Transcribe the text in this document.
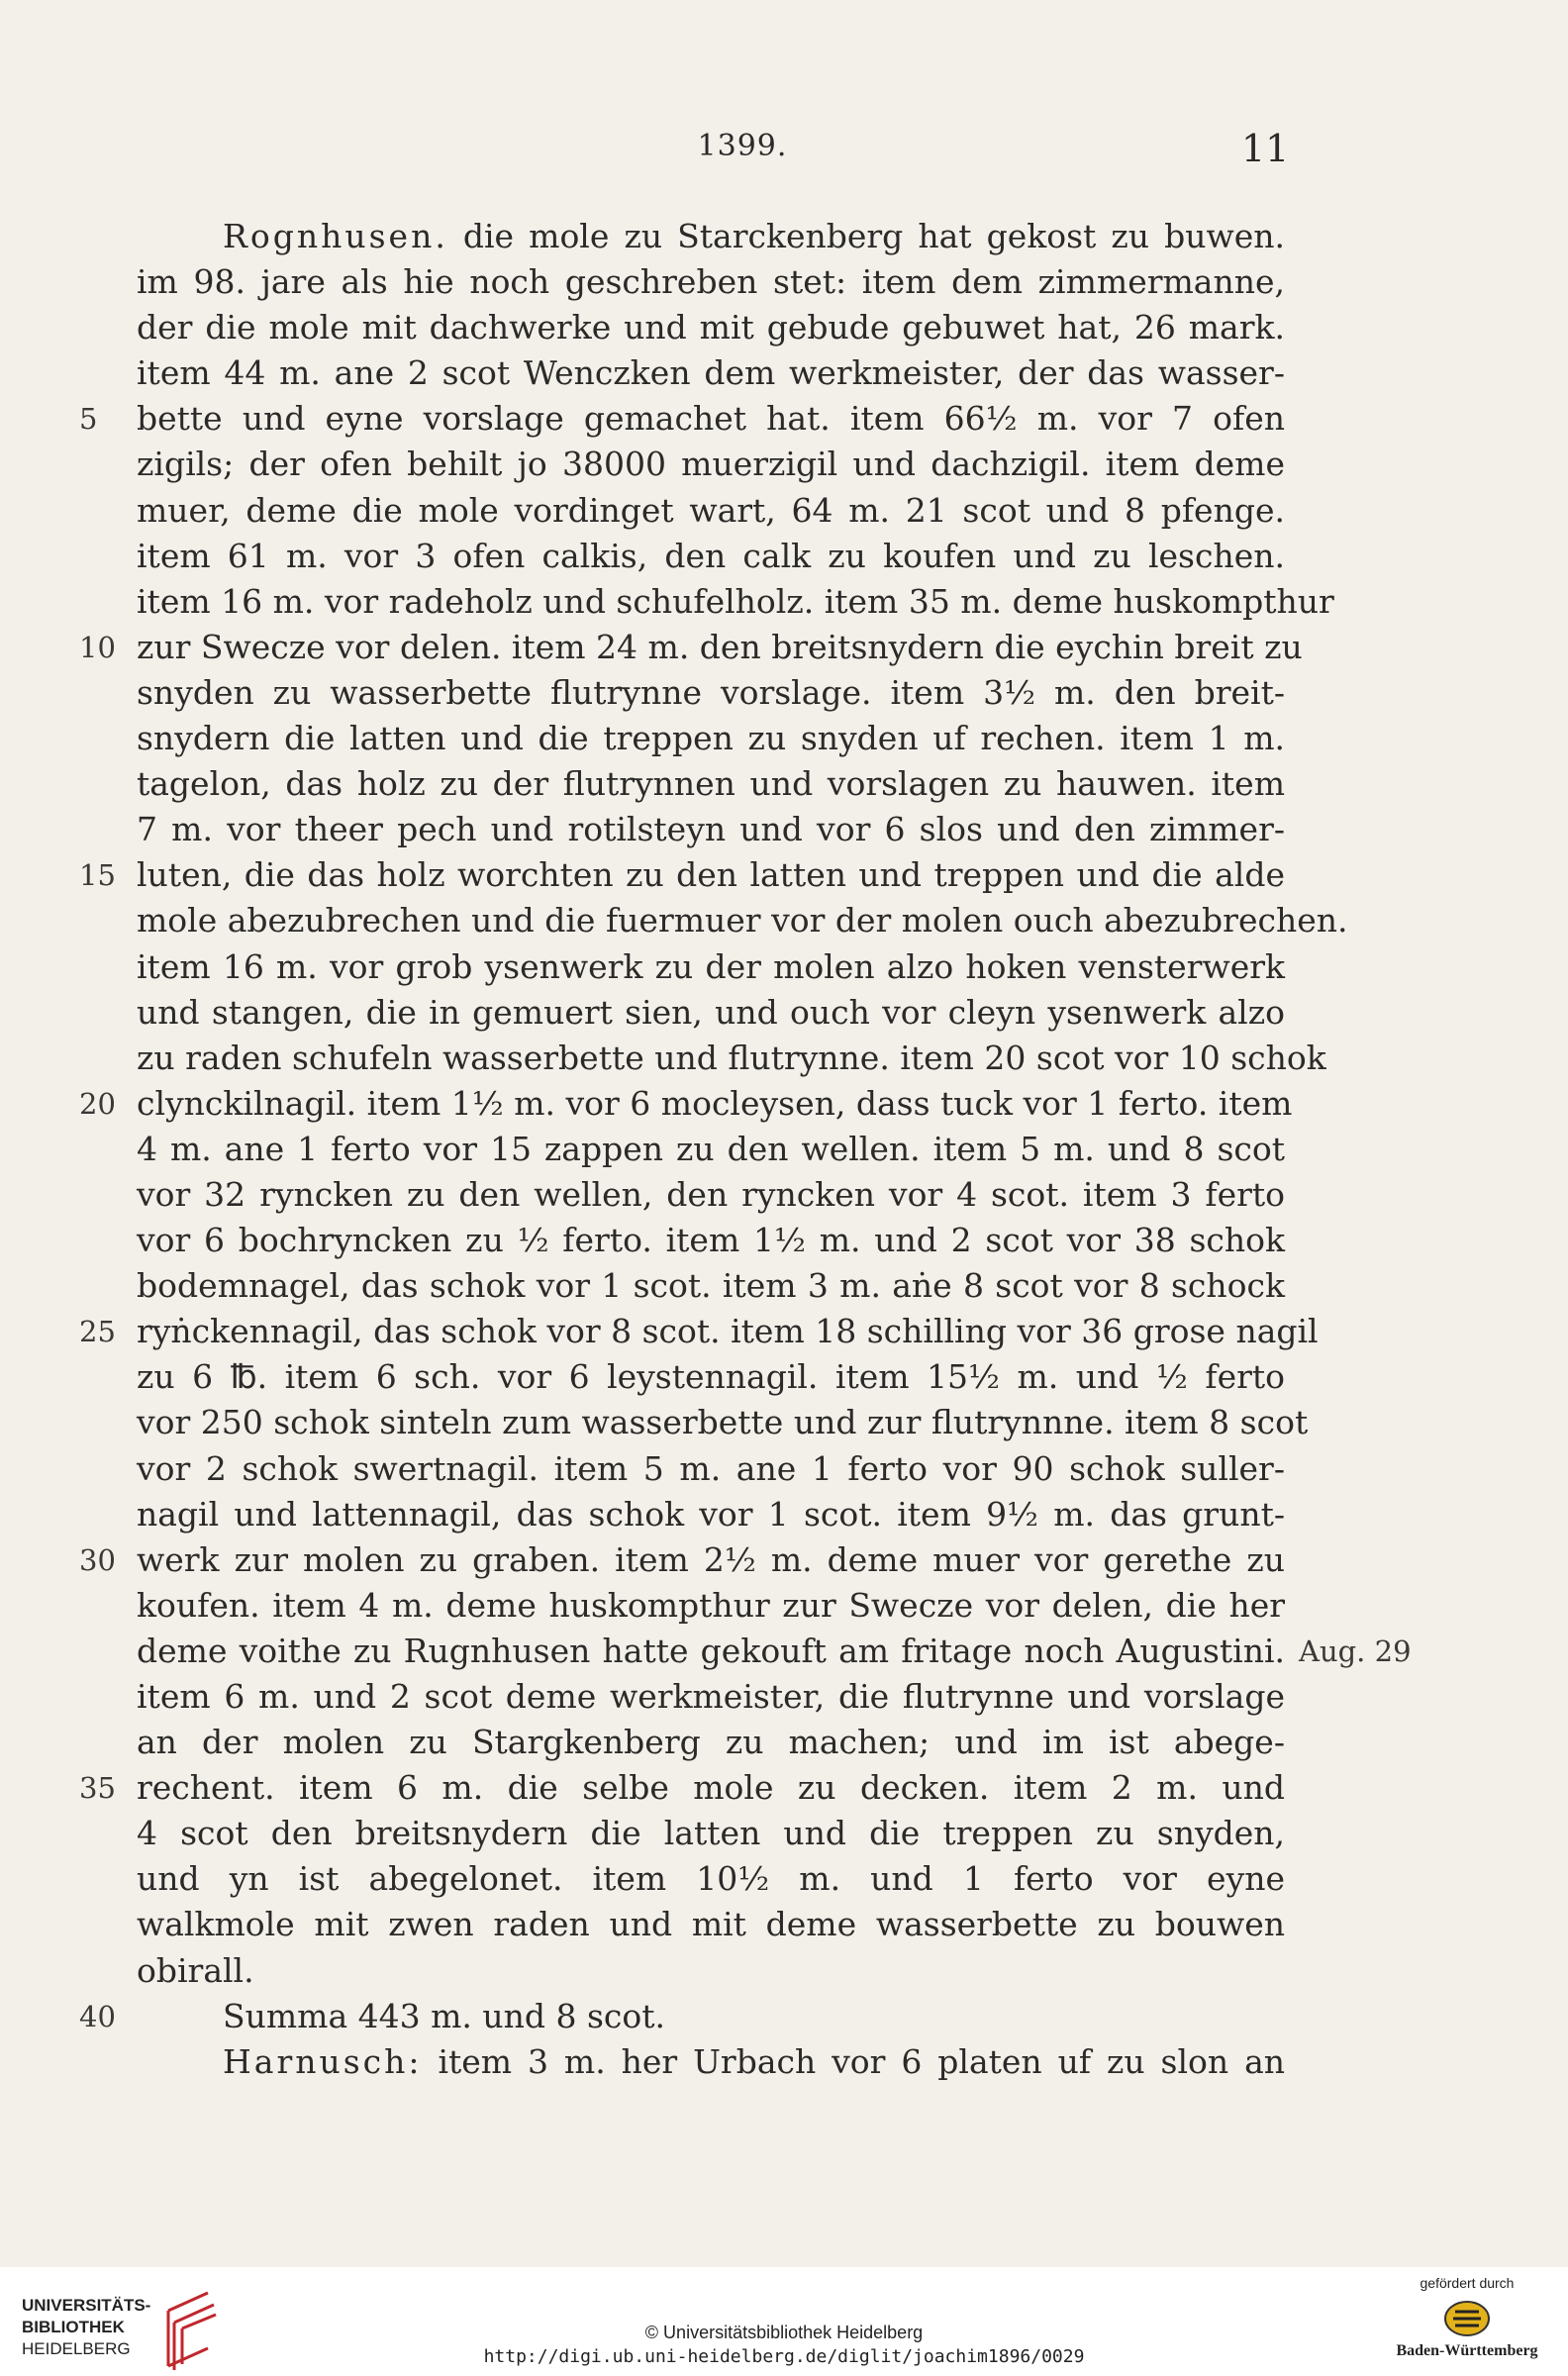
1399.	11
Rognhusen. die mole zu Starckenberg hat gekost zu buwen.
im 98. jare als hie noch geschreben stet: item dem zimmermanne,
der die mole mit dachwerke und mit gebude gebuwet hat, 26 mark.
item 44 m. ane 2 scot Wenczken dem werkmeister, der das wasser-
5	bette und eyne vorslage gemachet hat. item 66½ m. vor 7 ofen
zigils; der ofen behilt jo 38000 muerzigil und dachzigil. item deme
muer, deme die mole vordinget wart, 64 m. 21 scot und 8 pfenge.
item 61 m. vor 3 ofen calkis, den calk zu koufen und zu leschen.
item 16 m. vor radeholz und schufelholz. item 35 m. deme huskompthur
10 zur Swecze vor delen. item 24 m. den breitsnydern die eychin breit zu
snyden zu wasserbette flutrynne vorslage. item 3½ m. den breit-
snydern die latten und die treppen zu snyden uf rechen. item 1 m.
tagelon, das holz zu der flutrynnen und vorslagen zu hauwen. item
7 m. vor theer pech und rotilsteyn und vor 6 slos und den zimmer-
15 luten, die das holz worchten zu den latten und treppen und die alde
mole abezubrechen und die fuermuer vor der molen ouch abezubrechen.
item 16 m. vor grob ysenwerk zu der molen alzo hoken vensterwerk
und stangen, die in gemuert sien, und ouch vor cleyn ysenwerk alzo
zu raden schufeln wasserbette und flutrynne. item 20 scot vor 10 schok
20 clynckilnagil. item 1½ m. vor 6 mocleysen, dass tuck vor 1 ferto. item
4 m. ane 1 ferto vor 15 zappen zu den wellen. item 5 m. und 8 scot
vor 32 ryncken zu den wellen, den ryncken vor 4 scot. item 3 ferto
vor 6 bochryncken zu ½ ferto. item 1½ m. und 2 scot vor 38 schok
bodemnagel, das schok vor 1 scot. item 3 m. aṅe 8 scot vor 8 schock
25 ryṅckennagil, das schok vor 8 scot. item 18 schilling vor 36 grose nagil
zu 6 ℔. item 6 sch. vor 6 leystennagil. item 15½ m. und ½ ferto
vor 250 schok sinteln zum wasserbette und zur flutrynnne. item 8 scot
vor 2 schok swertnagil. item 5 m. ane 1 ferto vor 90 schok suller-
nagil und lattennagil, das schok vor 1 scot. item 9½ m. das grunt-
30 werk zur molen zu graben. item 2½ m. deme muer vor gerethe zu
koufen. item 4 m. deme huskompthur zur Swecze vor delen, die her
deme voithe zu Rugnhusen hatte gekouft am fritage noch Augustini.
item 6 m. und 2 scot deme werkmeister, die flutrynne und vorslage
an der molen zu Stargkenberg zu machen; und im ist abege-
35 rechent. item 6 m. die selbe mole zu decken. item 2 m. und
4 scot den breitsnydern die latten und die treppen zu snyden,
und yn ist abegelonet. item 10½ m. und 1 ferto vor eyne
walkmole mit zwen raden und mit deme wasserbette zu bouwen
obirall.
40	Summa 443 m. und 8 scot.
Harnusch: item 3 m. her Urbach vor 6 platen uf zu slon an
Aug. 29
UNIVERSITÄTS-
BIBLIOTHEK
HEIDELBERG
© Universitätsbibliothek Heidelberg
http://digi.ub.uni-heidelberg.de/diglit/joachim1896/0029
gefördert durch
Baden-Württemberg
